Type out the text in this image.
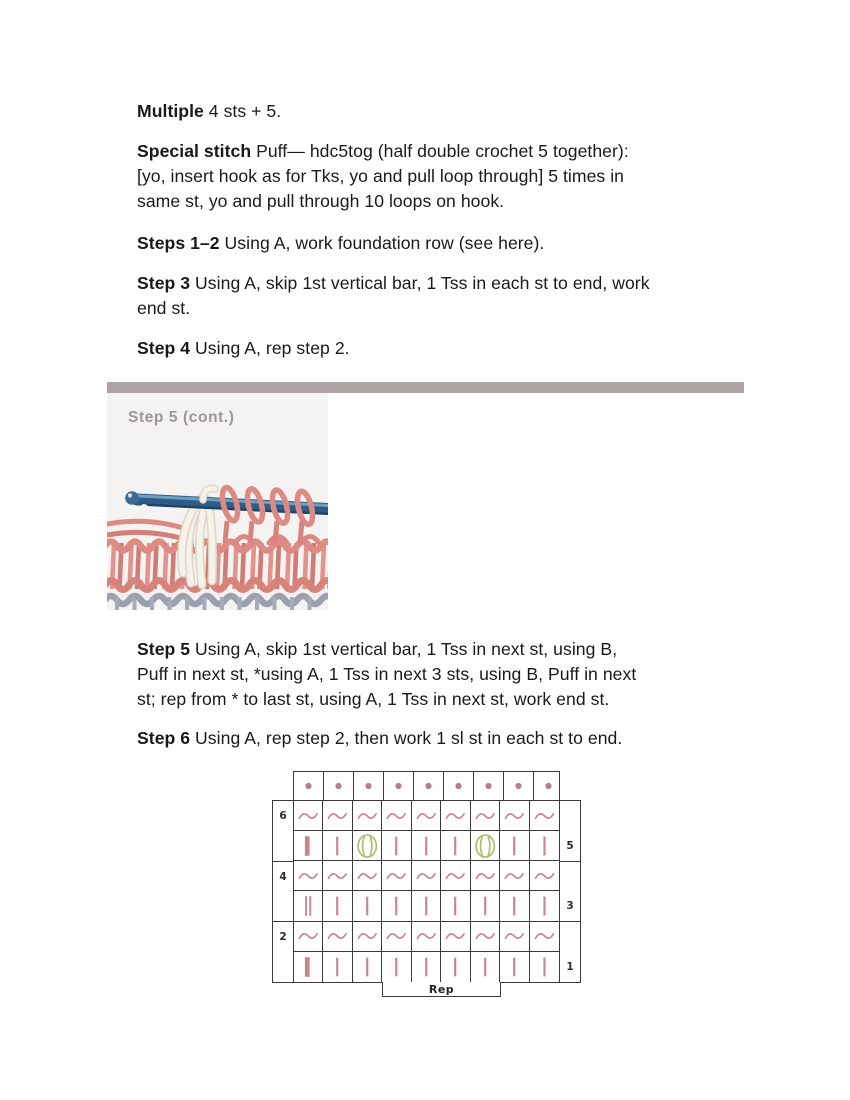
Multiple 4 sts + 5.
Special stitch Puff— hdc5tog (half double crochet 5 together):
[yo, insert hook as for Tks, yo and pull loop through] 5 times in
same st, yo and pull through 10 loops on hook.
Steps 1–2 Using A, work foundation row (see here).
Step 3 Using A, skip 1st vertical bar, 1 Tss in each st to end, work
end st.
Step 4 Using A, rep step 2.
Step 5 Using A, skip 1st vertical bar, 1 Tss in next st, using B,
Puff in next st, *using A, 1 Tss in next 3 sts, using B, Puff in next
st; rep from * to last st, using A, 1 Tss in next st, work end st.
Step 6 Using A, rep step 2, then work 1 sl st in each st to end.
Step 5 (cont.)
6
4
2
5
3
1
Rep
